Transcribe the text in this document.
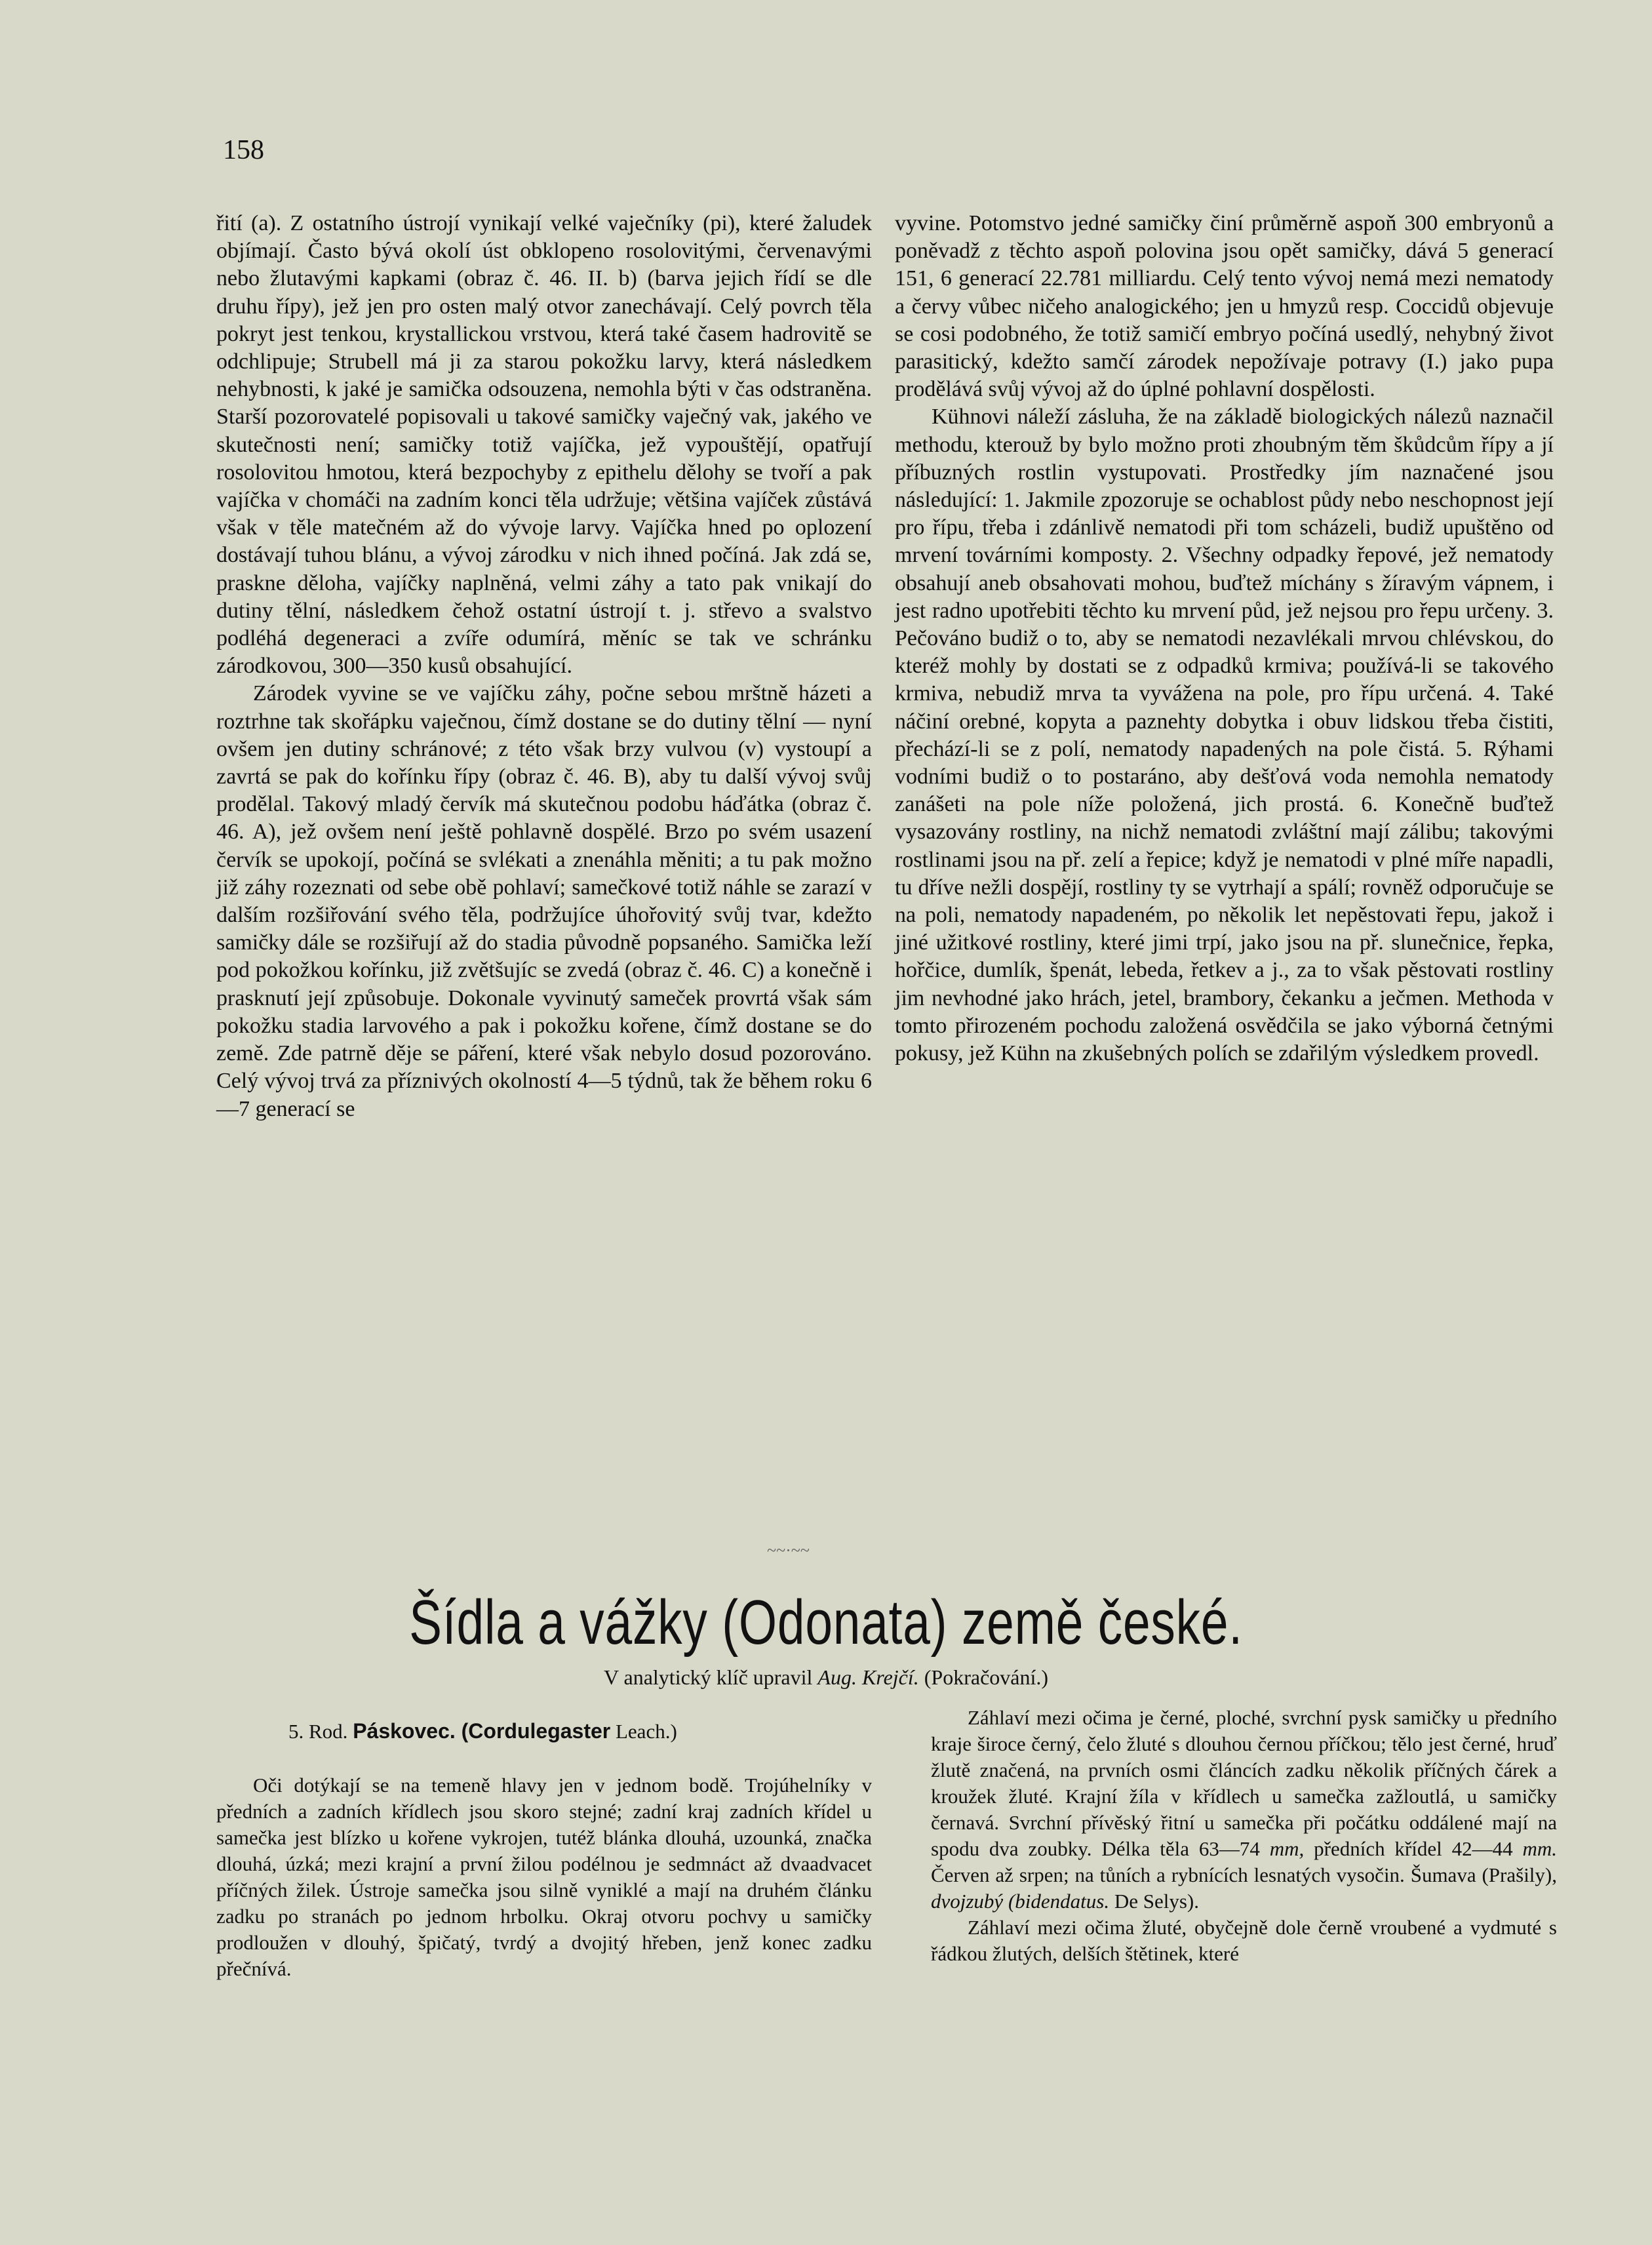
158

řití (a). Z ostatního ústrojí vynikají velké vaječníky (pi), které žaludek objímají. Často bývá okolí úst obklopeno rosolovitými, červenavými nebo žlutavými kapkami (obraz č. 46. II. b) (barva jejich řídí se dle druhu řípy), jež jen pro osten malý otvor zanechávají. Celý povrch těla pokryt jest tenkou, krystallickou vrstvou, která také časem hadrovitě se odchlipuje; Strubell má ji za starou pokožku larvy, která následkem nehybnosti, k jaké je samička odsouzena, nemohla býti v čas odstraněna. Starší pozorovatelé popisovali u takové samičky vaječný vak, jakého ve skutečnosti není; samičky totiž vajíčka, jež vypouštějí, opatřují rosolovitou hmotou, která bezpochyby z epithelu dělohy se tvoří a pak vajíčka v chomáči na zadním konci těla udržuje; většina vajíček zůstává však v těle matečném až do vývoje larvy. Vajíčka hned po oplození dostávají tuhou blánu, a vývoj zárodku v nich ihned počíná. Jak zdá se, praskne děloha, vajíčky naplněná, velmi záhy a tato pak vnikají do dutiny tělní, následkem čehož ostatní ústrojí t. j. střevo a svalstvo podléhá degeneraci a zvíře odumírá, měníc se tak ve schránku zárodkovou, 300—350 kusů obsahující.

Zárodek vyvine se ve vajíčku záhy, počne sebou mrštně házeti a roztrhne tak skořápku vaječnou, čímž dostane se do dutiny tělní — nyní ovšem jen dutiny schránové; z této však brzy vulvou (v) vystoupí a zavrtá se pak do kořínku řípy (obraz č. 46. B), aby tu další vývoj svůj prodělal. Takový mladý červík má skutečnou podobu háďátka (obraz č. 46. A), jež ovšem není ještě pohlavně dospělé. Brzo po svém usazení červík se upokojí, počíná se svlékati a znenáhla měniti; a tu pak možno již záhy rozeznati od sebe obě pohlaví; samečkové totiž náhle se zarazí v dalším rozšiřování svého těla, podržujíce úhořovitý svůj tvar, kdežto samičky dále se rozšiřují až do stadia původně popsaného. Samička leží pod pokožkou kořínku, již zvětšujíc se zvedá (obraz č. 46. C) a konečně i prasknutí její způsobuje. Dokonale vyvinutý sameček provrtá však sám pokožku stadia larvového a pak i pokožku kořene, čímž dostane se do země. Zde patrně děje se páření, které však nebylo dosud pozorováno. Celý vývoj trvá za příznivých okolností 4—5 týdnů, tak že během roku 6—7 generací se

vyvine. Potomstvo jedné samičky činí průměrně aspoň 300 embryonů a poněvadž z těchto aspoň polovina jsou opět samičky, dává 5 generací 151, 6 generací 22.781 milliardu. Celý tento vývoj nemá mezi nematody a červy vůbec ničeho analogického; jen u hmyzů resp. Coccidů objevuje se cosi podobného, že totiž samičí embryo počíná usedlý, nehybný život parasitický, kdežto samčí zárodek nepožívaje potravy (I.) jako pupa prodělává svůj vývoj až do úplné pohlavní dospělosti.

Kühnovi náleží zásluha, že na základě biologických nálezů naznačil methodu, kterouž by bylo možno proti zhoubným těm škůdcům řípy a jí příbuzných rostlin vystupovati. Prostředky jím naznačené jsou následující: 1. Jakmile zpozoruje se ochablost půdy nebo neschopnost její pro řípu, třeba i zdánlivě nematodi při tom scházeli, budiž upuštěno od mrvení továrními komposty. 2. Všechny odpadky řepové, jež nematody obsahují aneb obsahovati mohou, buďtež míchány s žíravým vápnem, i jest radno upotřebiti těchto ku mrvení půd, jež nejsou pro řepu určeny. 3. Pečováno budiž o to, aby se nematodi nezavlékali mrvou chlévskou, do kteréž mohly by dostati se z odpadků krmiva; používá-li se takového krmiva, nebudiž mrva ta vyvážena na pole, pro řípu určená. 4. Také náčiní orebné, kopyta a paznehty dobytka i obuv lidskou třeba čistiti, přechází-li se z polí, nematody napadených na pole čistá. 5. Rýhami vodními budiž o to postaráno, aby dešťová voda nemohla nematody zanášeti na pole níže položená, jich prostá. 6. Konečně buďtež vysazovány rostliny, na nichž nematodi zvláštní mají zálibu; takovými rostlinami jsou na př. zelí a řepice; když je nematodi v plné míře napadli, tu dříve nežli dospějí, rostliny ty se vytrhají a spálí; rovněž odporučuje se na poli, nematody napadeném, po několik let nepěstovati řepu, jakož i jiné užitkové rostliny, které jimi trpí, jako jsou na př. slunečnice, řepka, hořčice, dumlík, špenát, lebeda, řetkev a j., za to však pěstovati rostliny jim nevhodné jako hrách, jetel, brambory, čekanku a ječmen. Methoda v tomto přirozeném pochodu založená osvědčila se jako výborná četnými pokusy, jež Kühn na zkušebných polích se zdařilým výsledkem provedl.

~~·~~
Šídla a vážky (Odonata) země české.
V analytický klíč upravil Aug. Krejčí. (Pokračování.)

5. Rod. Páskovec. (Cordulegaster Leach.)

Oči dotýkají se na temeně hlavy jen v jednom bodě. Trojúhelníky v předních a zadních křídlech jsou skoro stejné; zadní kraj zadních křídel u samečka jest blízko u kořene vykrojen, tutéž blánka dlouhá, uzounká, značka dlouhá, úzká; mezi krajní a první žilou podélnou je sedmnáct až dvaadvacet příčných žilek. Ústroje samečka jsou silně vyniklé a mají na druhém článku zadku po stranách po jednom hrbolku. Okraj otvoru pochvy u samičky prodloužen v dlouhý, špičatý, tvrdý a dvojitý hřeben, jenž konec zadku přečnívá.

Záhlaví mezi očima je černé, ploché, svrchní pysk samičky u předního kraje široce černý, čelo žluté s dlouhou černou příčkou; tělo jest černé, hruď žlutě značená, na prvních osmi článcích zadku několik příčných čárek a kroužek žluté. Krajní žíla v křídlech u samečka zažloutlá, u samičky černavá. Svrchní přívěský řitní u samečka při počátku oddálené mají na spodu dva zoubky. Délka těla 63—74 mm, předních křídel 42—44 mm. Červen až srpen; na tůních a rybnících lesnatých vysočin. Šumava (Prašily), dvojzubý (bidendatus. De Selys).

Záhlaví mezi očima žluté, obyčejně dole černě vroubené a vydmuté s řádkou žlutých, delších štětinek, které
